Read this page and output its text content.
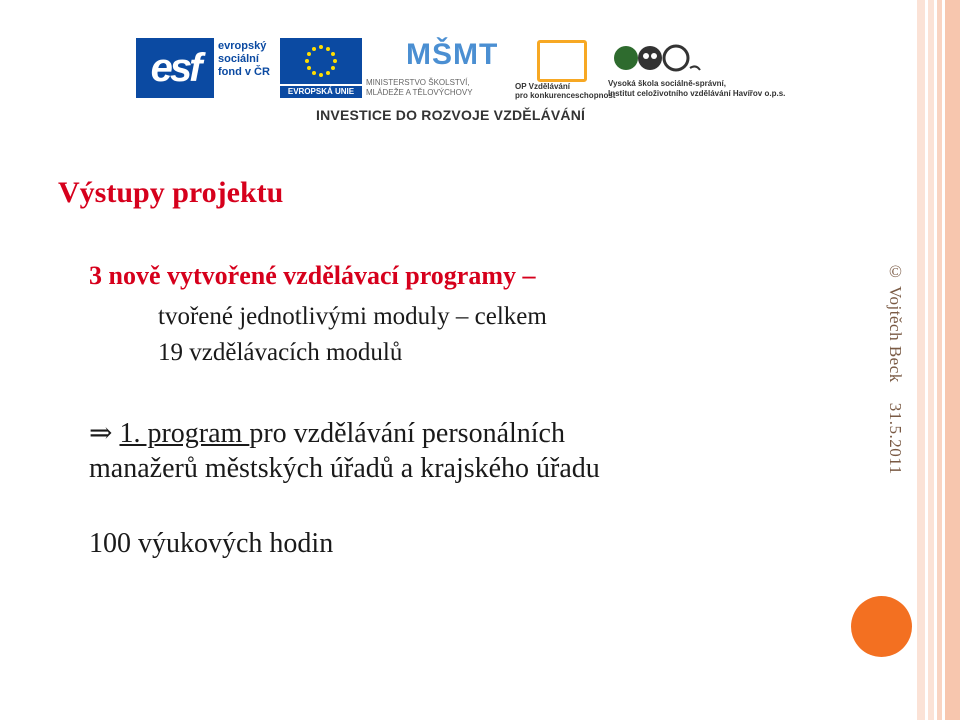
© Vojtěch Beck31.5.2011
esf	evropský
sociální
fond v ČR
EVROPSKÁ UNIE
MŠMT
MINISTERSTVO ŠKOLSTVÍ,
MLÁDEŽE A TĚLOVÝCHOVY
OP Vzdělávání
pro konkurenceschopnost
Vysoká škola sociálně-správní,
Institut celoživotního vzdělávání Havířov o.p.s.
INVESTICE DO ROZVOJE VZDĚLÁVÁNÍ
Výstupy projektu
3 nově vytvořené vzdělávací programy –
tvořené jednotlivými moduly – celkem
19 vzdělávacích modulů
⇒ 1. program pro vzdělávání personálních
manažerů městských úřadů a krajského úřadu
100 výukových hodin
